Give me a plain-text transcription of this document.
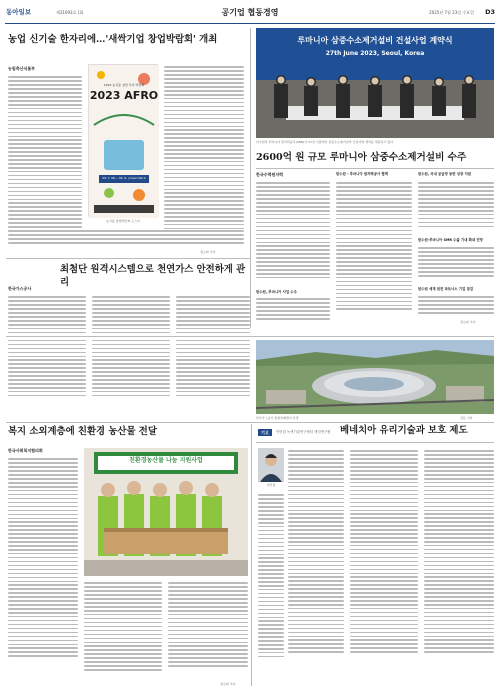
동아일보	제31693호 (3)	공기업 협동경영	2025년 7월 23일 수요일 D3
농업 신기술 한자리에…'새싹기업 창업박람회' 개최
농림축산식품부
2023 농식품 창업 투자 박람회
2023 AFRO
09. 7. 08 ~ 09. 9. | Coex Hall A
농식품 창업박람회 포스터
정소희 기자
루마니아 삼중수소제거설비 건설사업 계약식
27th June 2023, Seoul, Korea
한수원과 루마니아 원자력공사(SNN)가 27일 서울에서 삼중수소제거설비 건설사업 계약을 체결하고 있다.
2600억 원 규모 루마니아 삼중수소제거설비 수주
한국수력원자력
한수원, 루마니아 사업 수주
한수원 - 루마니아 원자력공사 협력	한수원, 국내 공급망 동반 성장 지원
한수원-루마니아 SMR 수출 기대 확대 전망
한수원 세계 원전 파트너스 기업 점검
정소희 기자
최첨단 원격시스템으로 천연가스 안전하게 관리
한국가스공사
한국가스공사 통합관제센터 전경	김문 기자
복지 소외계층에 친환경 농산물 전달
한국사회복지협의회
친환경농산물 나눔 지원사업
정소희 기자
기고	이민섭 녹색기술연구센터 책임연구원 베네치아 유리기술과 보호 제도
이민섭
